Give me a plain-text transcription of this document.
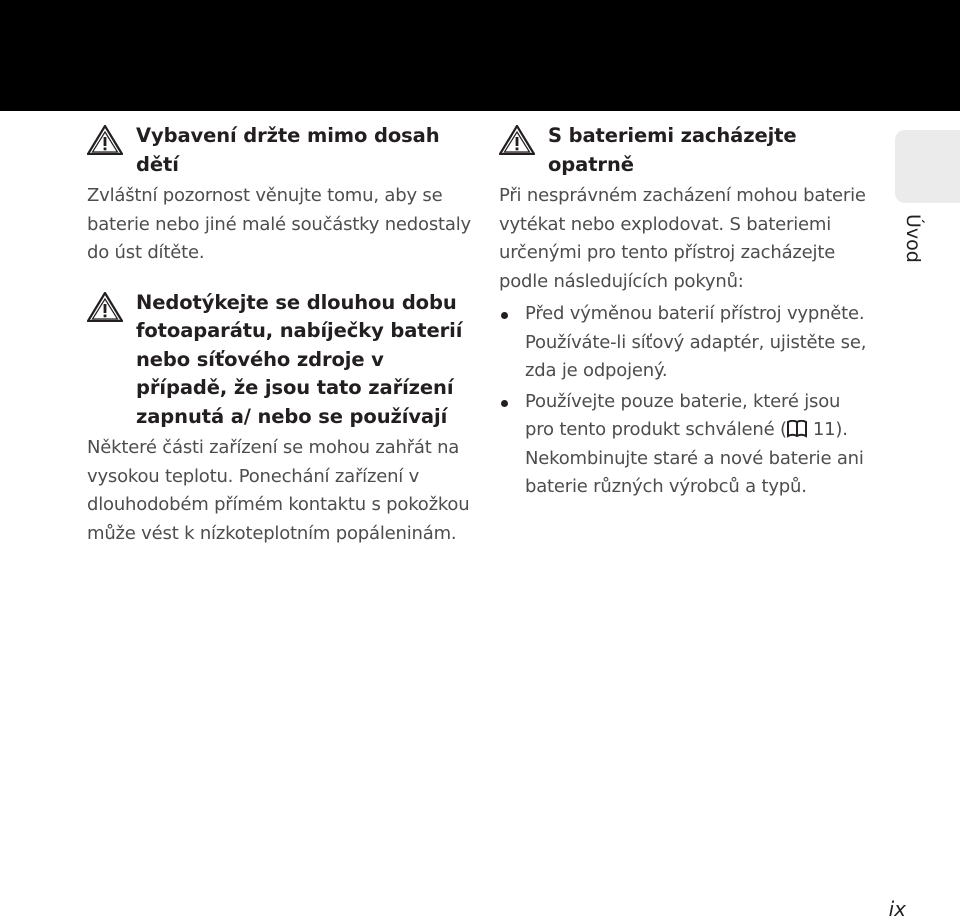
Vybavení držte mimo dosah dětí

Zvláštní pozornost věnujte tomu, aby se baterie nebo jiné malé součástky nedostaly do úst dítěte.

Nedotýkejte se dlouhou dobu fotoaparátu, nabíječky baterií nebo síťového zdroje v případě, že jsou tato zařízení zapnutá a/ nebo se používají

Některé části zařízení se mohou zahřát na vysokou teplotu. Ponechání zařízení v dlouhodobém přímém kontaktu s pokožkou může vést k nízkoteplotním popáleninám.

S bateriemi zacházejte opatrně

Při nesprávném zacházení mohou baterie vytékat nebo explodovat. S bateriemi určenými pro tento přístroj zacházejte podle následujících pokynů:

Před výměnou baterií přístroj vypněte. Používáte-li síťový adaptér, ujistěte se, zda je odpojený.
Používejte pouze baterie, které jsou pro tento produkt schválené ( 11). Nekombinujte staré a nové baterie ani baterie různých výrobců a typů.
Úvod
ix
